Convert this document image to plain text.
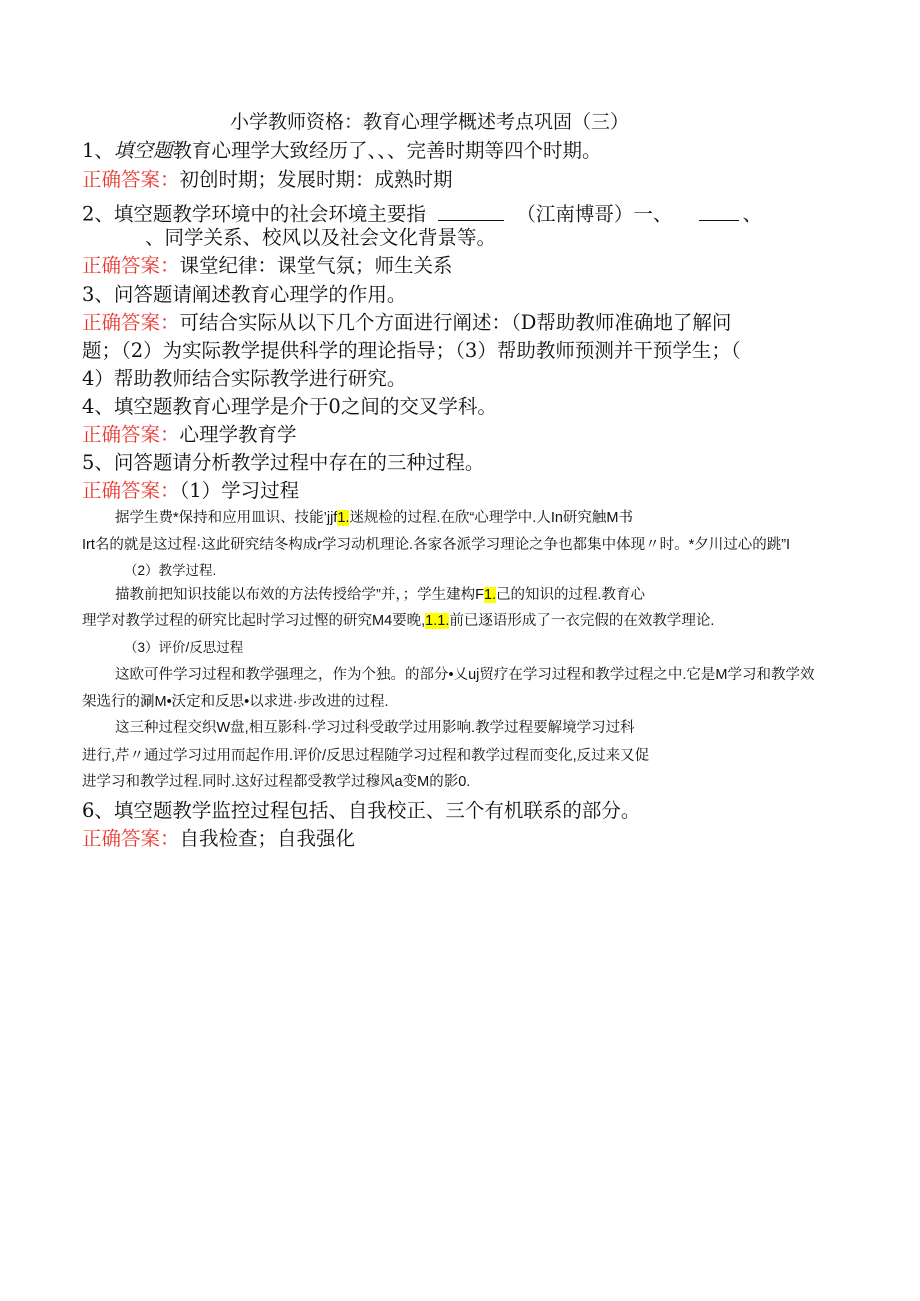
小学教师资格：教育心理学概述考点巩固（三）
1、填空题教育心理学大致经历了、、、完善时期等四个时期。
正确答案：初创时期；发展时期：成熟时期
2、填空题教学环境中的社会环境主要指	（江南博哥）一、	、
、同学关系、校风以及社会文化背景等。
正确答案：课堂纪律：课堂气氛；师生关系
3、问答题请阐述教育心理学的作用。
正确答案：可结合实际从以下几个方面进行阐述：（D帮助教师准确地了解问
题；（2）为实际教学提供科学的理论指导；（3）帮助教师预测并干预学生；（
4）帮助教师结合实际教学进行研究。
4、填空题教育心理学是介于0之间的交叉学科。
正确答案：心理学教育学
5、问答题请分析教学过程中存在的三种过程。
正确答案：（1）学习过程
据学生费*保持和应用皿识、技能’jjf1.迷规检的过程.在欣“心理学中.人In研究触M书
Irt名的就是这过程·这此研究结冬构成r学习动机理论.各家各派学习理论之争也都集中体现〃时。*夕川过心的跳”I
（2）教学过程.
描教前把知识技能以布效的方法传授给学”并，；学生建构F1.己的知识的过程.教育心
理学对教学过程的研究比起时学习过慳的研究M4要晚,1.1.前已逐语形成了一衣完假的在效教学理论.
（3）评价/反思过程
这欧可件学习过程和教学强理之，作为个独。的部分•乂uj贸疗在学习过程和教学过程之中.它是M学习和教学效
架选行的涮M•沃定和反思•以求进·步改进的过程.
这三种过程交织W盘,相互影科·学习过科受敢学过用影响.教学过程要解境学习过科
进行,芹〃通过学习过用而起作用.评价/反思过程随学习过程和教学过程而变化,反过来又促
进学习和教学过程.同时.这好过程都受教学过穆风a变M的影0.
6、填空题教学监控过程包括、自我校正、三个有机联系的部分。
正确答案：自我检查；自我强化
